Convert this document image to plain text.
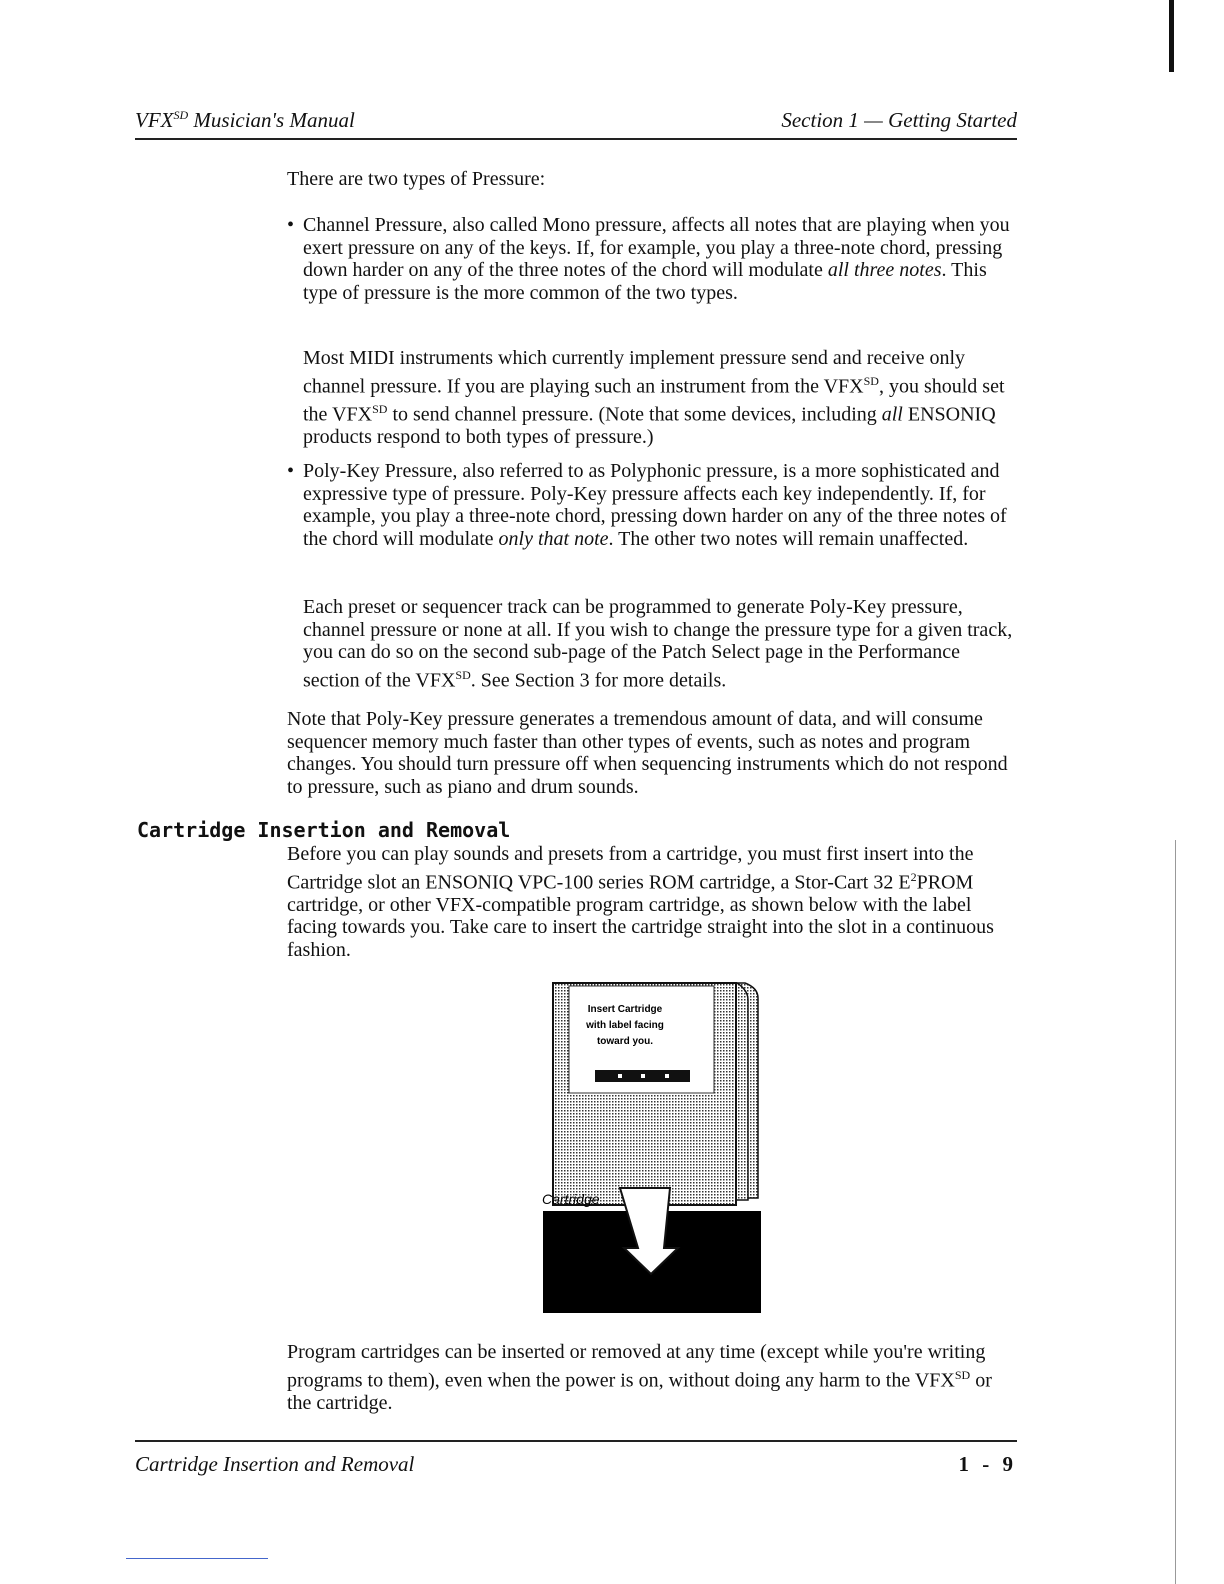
$VFX^{SD}$ Musician's Manual	Section 1 — Getting Started
There are two types of Pressure:
• Channel Pressure, also called Mono pressure, affects all notes that are playing when you exert pressure on any of the keys. If, for example, you play a three-note chord, pressing down harder on any of the three notes of the chord will modulate all three notes. This type of pressure is the more common of the two types.
Most MIDI instruments which currently implement pressure send and receive only channel pressure. If you are playing such an instrument from the $VFX^{SD}$, you should set the $VFX^{SD}$ to send channel pressure. (Note that some devices, including all ENSONIQ products respond to both types of pressure.)
• Poly-Key Pressure, also referred to as Polyphonic pressure, is a more sophisticated and expressive type of pressure. Poly-Key pressure affects each key independently. If, for example, you play a three-note chord, pressing down harder on any of the three notes of the chord will modulate only that note. The other two notes will remain unaffected.
Each preset or sequencer track can be programmed to generate Poly-Key pressure, channel pressure or none at all. If you wish to change the pressure type for a given track, you can do so on the second sub-page of the Patch Select page in the Performance section of the $VFX^{SD}$. See Section 3 for more details.
Note that Poly-Key pressure generates a tremendous amount of data, and will consume sequencer memory much faster than other types of events, such as notes and program changes. You should turn pressure off when sequencing instruments which do not respond to pressure, such as piano and drum sounds.
Cartridge Insertion and Removal
Before you can play sounds and presets from a cartridge, you must first insert into the Cartridge slot an ENSONIQ VPC-100 series ROM cartridge, a Stor-Cart 32 $E^2PROM$ cartridge, or other VFX-compatible program cartridge, as shown below with the label facing towards you. Take care to insert the cartridge straight into the slot in a continuous fashion.
Insert Cartridge
with label facing
toward you.
Cartridge
Program cartridges can be inserted or removed at any time (except while you're writing programs to them), even when the power is on, without doing any harm to the $VFX^{SD}$ or the cartridge.
Cartridge Insertion and Removal	1 - 9
